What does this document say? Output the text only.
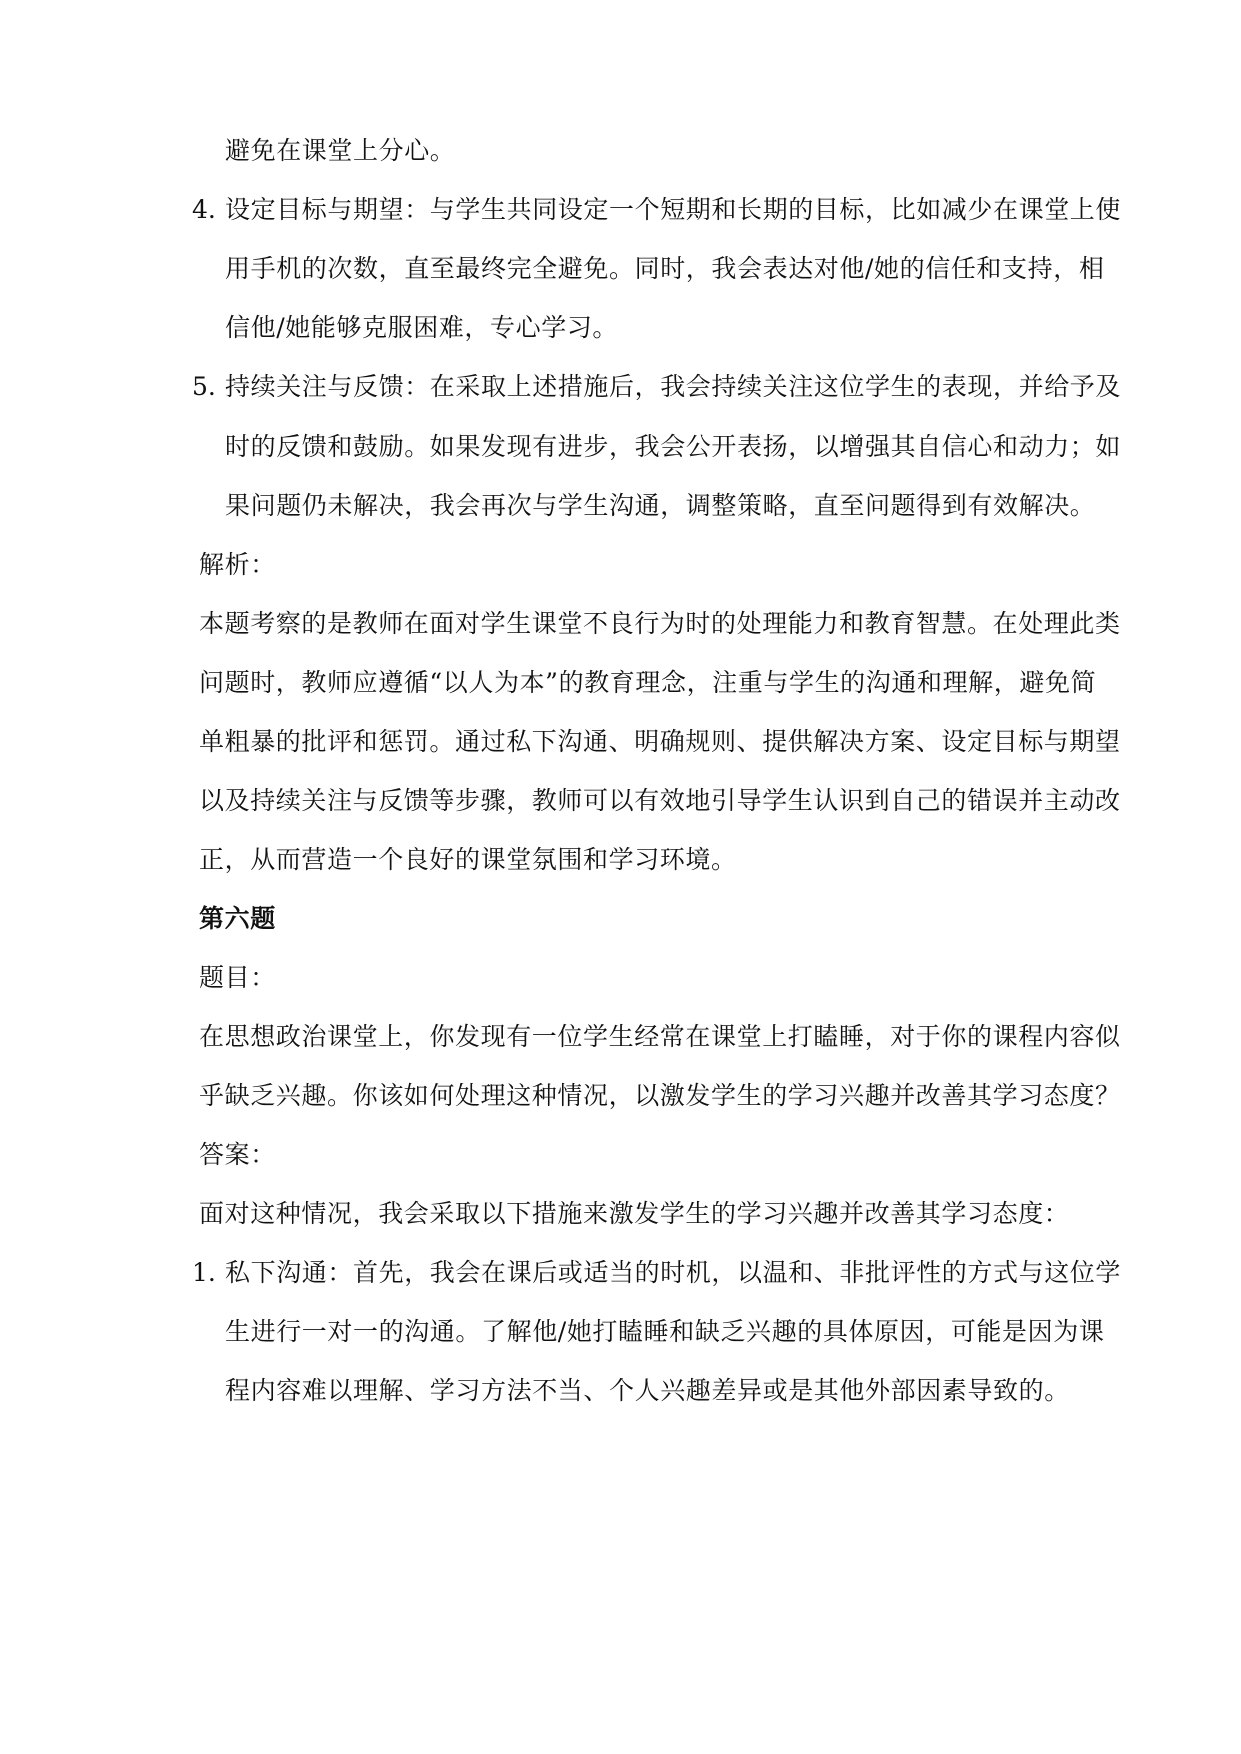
避免在课堂上分心。
4. 设定目标与期望：与学生共同设定一个短期和长期的目标，比如减少在课堂上使
用手机的次数，直至最终完全避免。同时，我会表达对他/她的信任和支持，相
信他/她能够克服困难，专心学习。
5. 持续关注与反馈：在采取上述措施后，我会持续关注这位学生的表现，并给予及
时的反馈和鼓励。如果发现有进步，我会公开表扬，以增强其自信心和动力；如
果问题仍未解决，我会再次与学生沟通，调整策略，直至问题得到有效解决。
解析：
本题考察的是教师在面对学生课堂不良行为时的处理能力和教育智慧。在处理此类
问题时，教师应遵循“以人为本”的教育理念，注重与学生的沟通和理解，避免简
单粗暴的批评和惩罚。通过私下沟通、明确规则、提供解决方案、设定目标与期望
以及持续关注与反馈等步骤，教师可以有效地引导学生认识到自己的错误并主动改
正，从而营造一个良好的课堂氛围和学习环境。
第六题
题目：
在思想政治课堂上，你发现有一位学生经常在课堂上打瞌睡，对于你的课程内容似
乎缺乏兴趣。你该如何处理这种情况，以激发学生的学习兴趣并改善其学习态度？
答案：
面对这种情况，我会采取以下措施来激发学生的学习兴趣并改善其学习态度：
1. 私下沟通：首先，我会在课后或适当的时机，以温和、非批评性的方式与这位学
生进行一对一的沟通。了解他/她打瞌睡和缺乏兴趣的具体原因，可能是因为课
程内容难以理解、学习方法不当、个人兴趣差异或是其他外部因素导致的。
